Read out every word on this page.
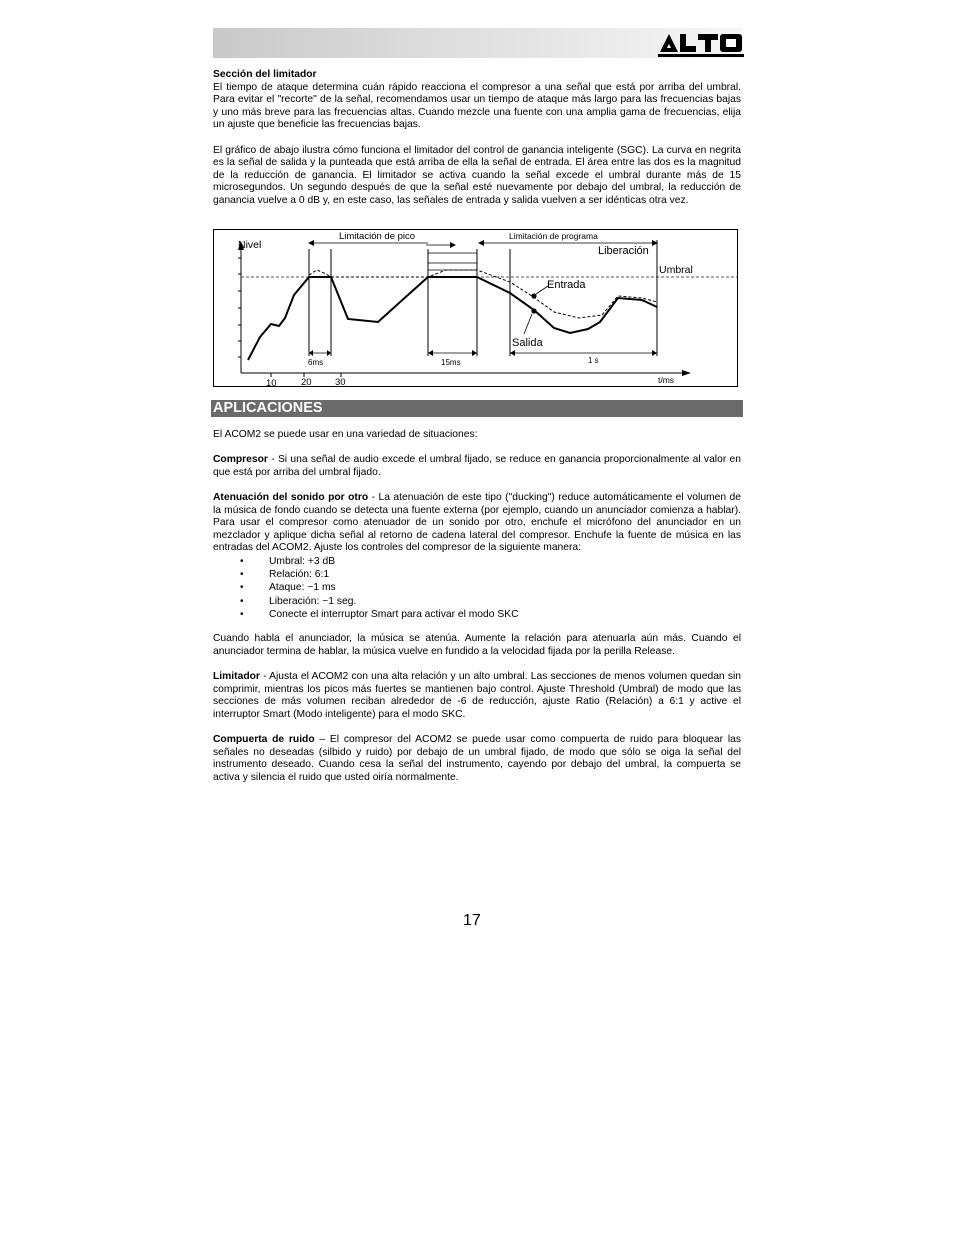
Sección del limitador

El tiempo de ataque determina cuán rápido reacciona el compresor a una señal que está por arriba del umbral. Para evitar el "recorte" de la señal, recomendamos usar un tiempo de ataque más largo para las frecuencias bajas y uno más breve para las frecuencias altas. Cuando mezcle una fuente con una amplia gama de frecuencias, elija un ajuste que beneficie las frecuencias bajas.

El gráfico de abajo ilustra cómo funciona el limitador del control de ganancia inteligente (SGC). La curva en negrita es la señal de salida y la punteada que está arriba de ella la señal de entrada. El área entre las dos es la magnitud de la reducción de ganancia. El limitador se activa cuando la señal excede el umbral durante más de 15 microsegundos. Un segundo después de que la señal esté nuevamente por debajo del umbral, la reducción de ganancia vuelve a 0 dB y, en este caso, las señales de entrada y salida vuelven a ser idénticas otra vez.

Nivel
Limitación de pico	Limitación de programa
Liberación
Umbral
Entrada
Salida
6ms	15ms	1 s
10	20 30	t/ms
APLICACIONES

El ACOM2 se puede usar en una variedad de situaciones:

Compresor - Si una señal de audio excede el umbral fijado, se reduce en ganancia proporcionalmente al valor en que está por arriba del umbral fijado.

Atenuación del sonido por otro - La atenuación de este tipo ("ducking") reduce automáticamente el volumen de la música de fondo cuando se detecta una fuente externa (por ejemplo, cuando un anunciador comienza a hablar). Para usar el compresor como atenuador de un sonido por otro, enchufe el micrófono del anunciador en un mezclador y aplique dicha señal al retorno de cadena lateral del compresor. Enchufe la fuente de música en las entradas del ACOM2. Ajuste los controles del compresor de la siguiente manera:

• Umbral: +3 dB
• Relación: 6:1
• Ataque: ~1 ms
• Liberación: ~1 seg.
• Conecte el interruptor Smart para activar el modo SKC

Cuando habla el anunciador, la música se atenúa. Aumente la relación para atenuarla aún más. Cuando el anunciador termina de hablar, la música vuelve en fundido a la velocidad fijada por la perilla Release.

Limitador - Ajusta el ACOM2 con una alta relación y un alto umbral. Las secciones de menos volumen quedan sin comprimir, mientras los picos más fuertes se mantienen bajo control. Ajuste Threshold (Umbral) de modo que las secciones de más volumen reciban alrededor de -6 de reducción, ajuste Ratio (Relación) a 6:1 y active el interruptor Smart (Modo inteligente) para el modo SKC.

Compuerta de ruido – El compresor del ACOM2 se puede usar como compuerta de ruido para bloquear las señales no deseadas (silbido y ruido) por debajo de un umbral fijado, de modo que sólo se oiga la señal del instrumento deseado. Cuando cesa la señal del instrumento, cayendo por debajo del umbral, la compuerta se activa y silencia el ruido que usted oiría normalmente.

17
